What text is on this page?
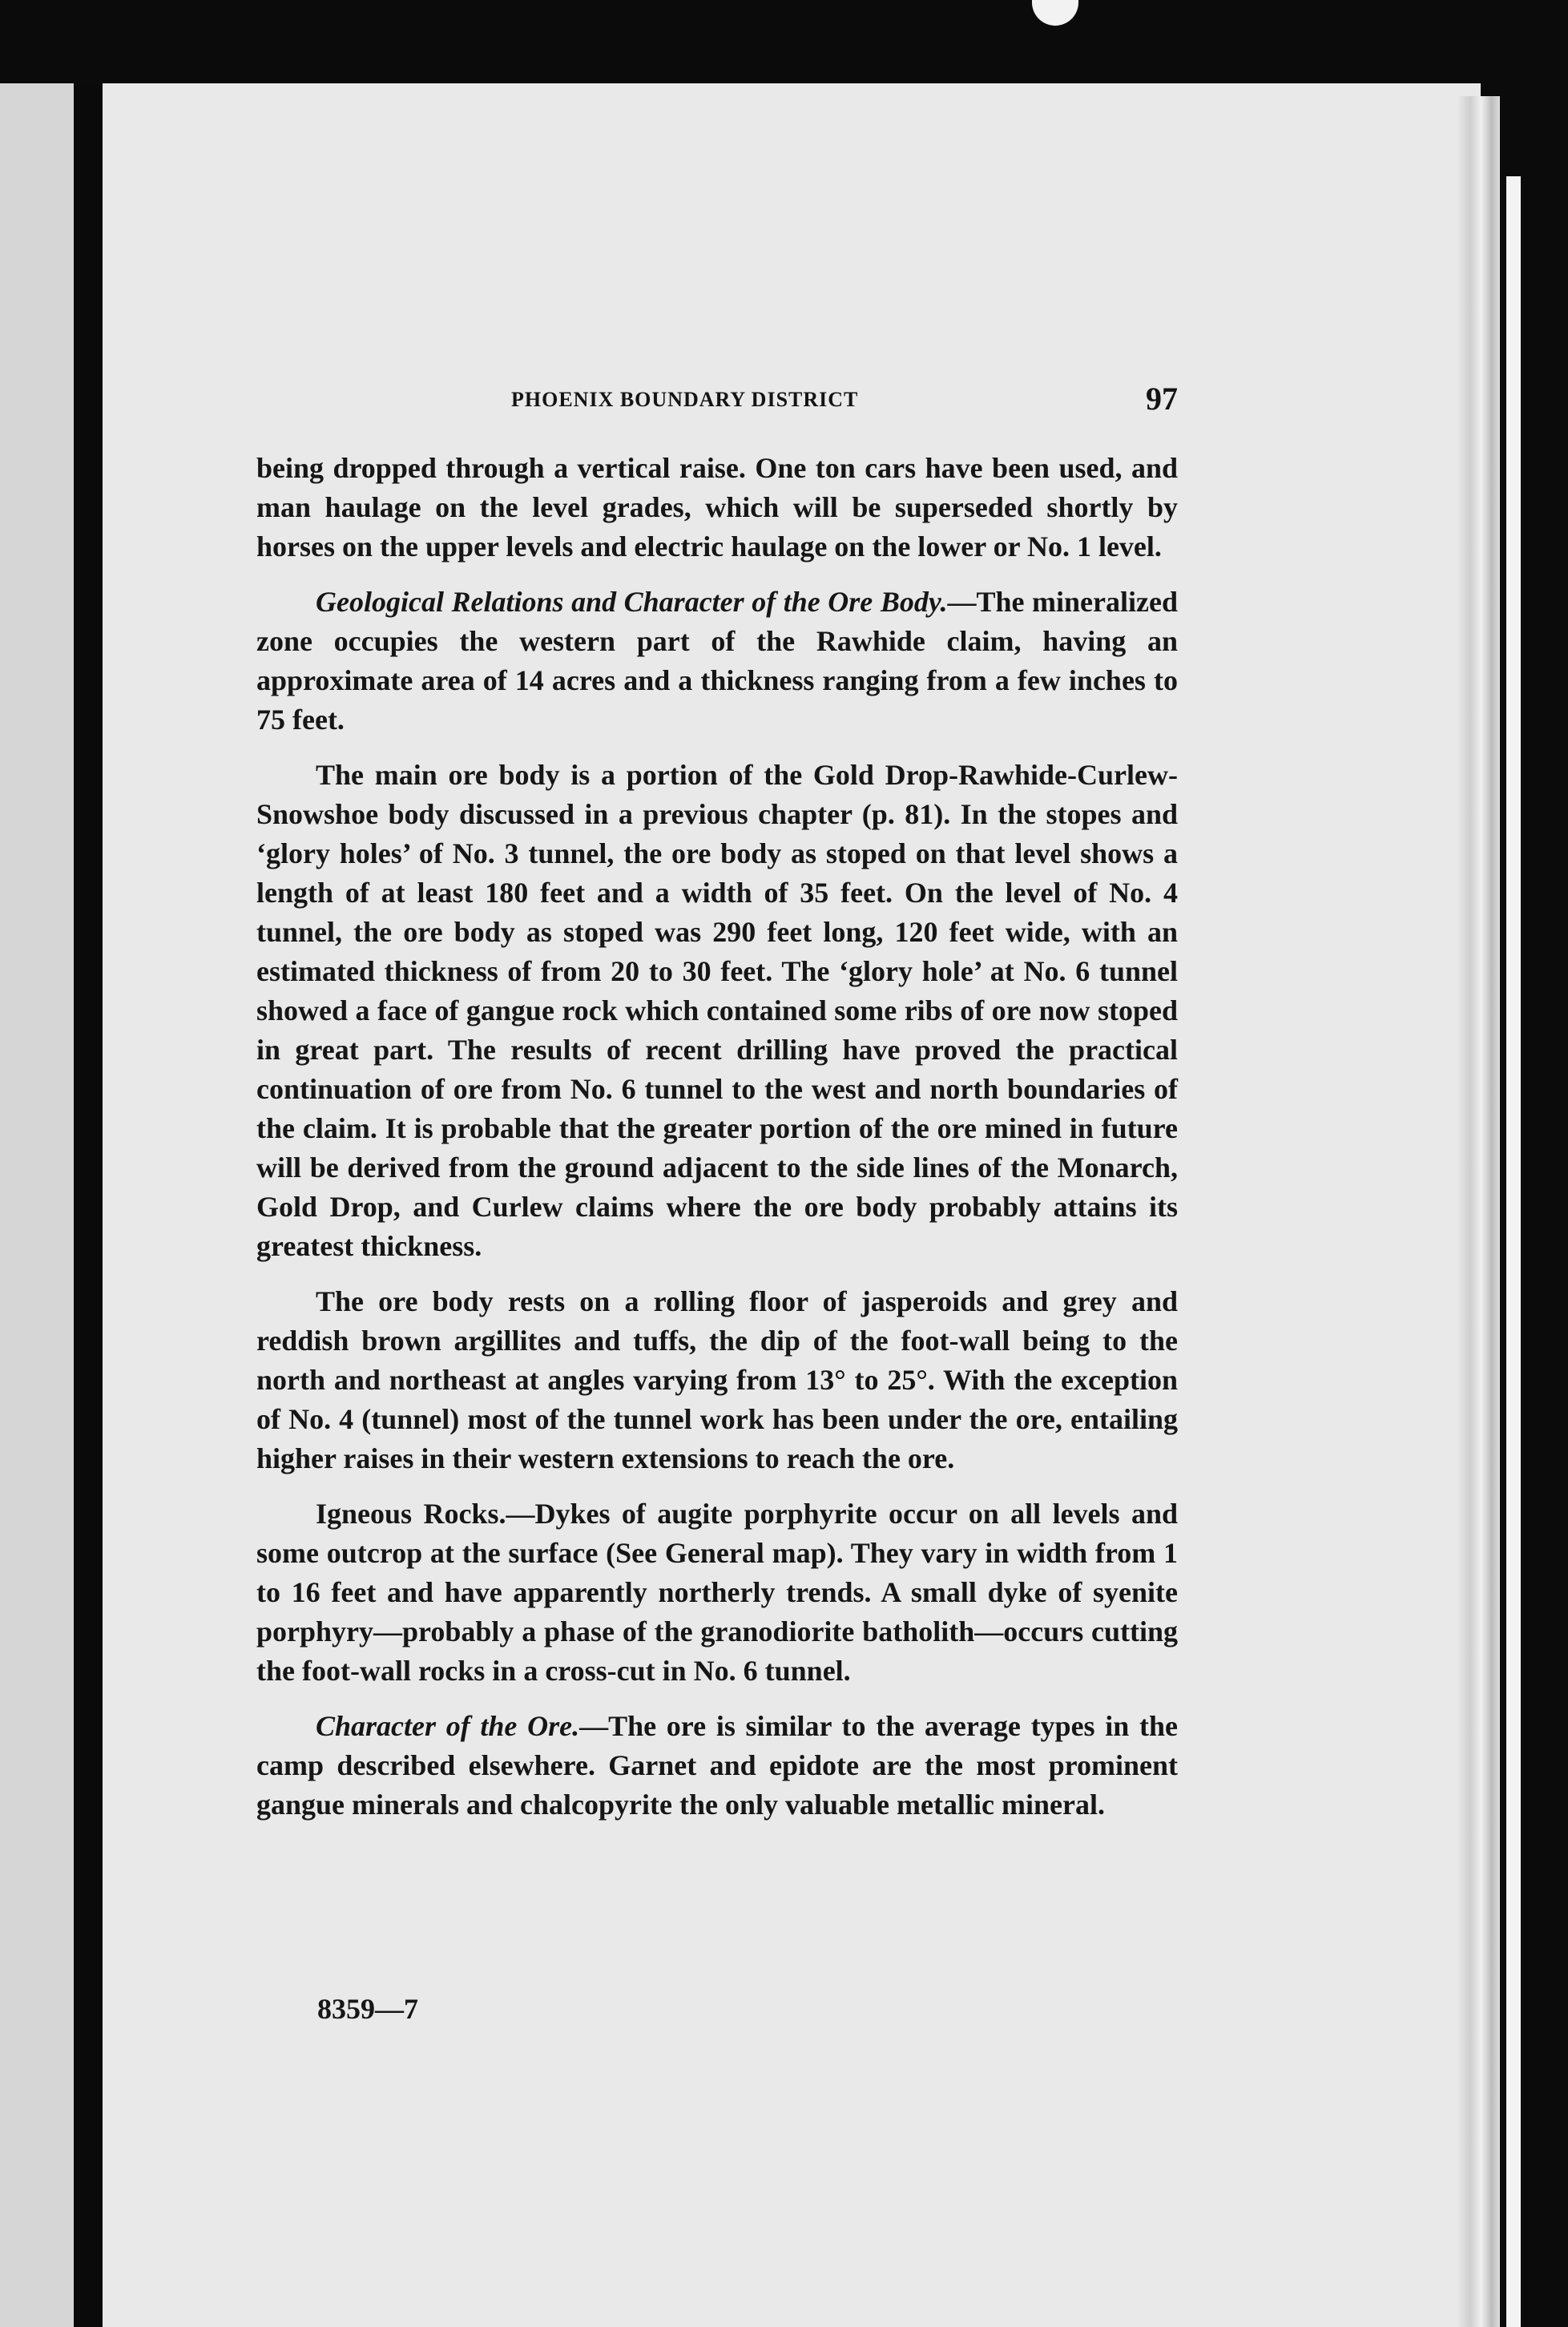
PHOENIX BOUNDARY DISTRICT	97

being dropped through a vertical raise. One ton cars have been used, and man haulage on the level grades, which will be superseded shortly by horses on the upper levels and electric haulage on the lower or No. 1 level.

Geological Relations and Character of the Ore Body.—The mineralized zone occupies the western part of the Rawhide claim, having an approximate area of 14 acres and a thickness ranging from a few inches to 75 feet.

The main ore body is a portion of the Gold Drop-Rawhide-Curlew-Snowshoe body discussed in a previous chapter (p. 81). In the stopes and ‘glory holes’ of No. 3 tunnel, the ore body as stoped on that level shows a length of at least 180 feet and a width of 35 feet. On the level of No. 4 tunnel, the ore body as stoped was 290 feet long, 120 feet wide, with an estimated thickness of from 20 to 30 feet. The ‘glory hole’ at No. 6 tunnel showed a face of gangue rock which contained some ribs of ore now stoped in great part. The results of recent drilling have proved the practical continuation of ore from No. 6 tunnel to the west and north boundaries of the claim. It is probable that the greater portion of the ore mined in future will be derived from the ground adjacent to the side lines of the Monarch, Gold Drop, and Curlew claims where the ore body probably attains its greatest thickness.

The ore body rests on a rolling floor of jasperoids and grey and reddish brown argillites and tuffs, the dip of the foot-wall being to the north and northeast at angles varying from 13° to 25°. With the exception of No. 4 (tunnel) most of the tunnel work has been under the ore, entailing higher raises in their western extensions to reach the ore.

Igneous Rocks.—Dykes of augite porphyrite occur on all levels and some outcrop at the surface (See General map). They vary in width from 1 to 16 feet and have apparently northerly trends. A small dyke of syenite porphyry—probably a phase of the granodiorite batholith—occurs cutting the foot-wall rocks in a cross-cut in No. 6 tunnel.

Character of the Ore.—The ore is similar to the average types in the camp described elsewhere. Garnet and epidote are the most prominent gangue minerals and chalcopyrite the only valuable metallic mineral.

8359—7
